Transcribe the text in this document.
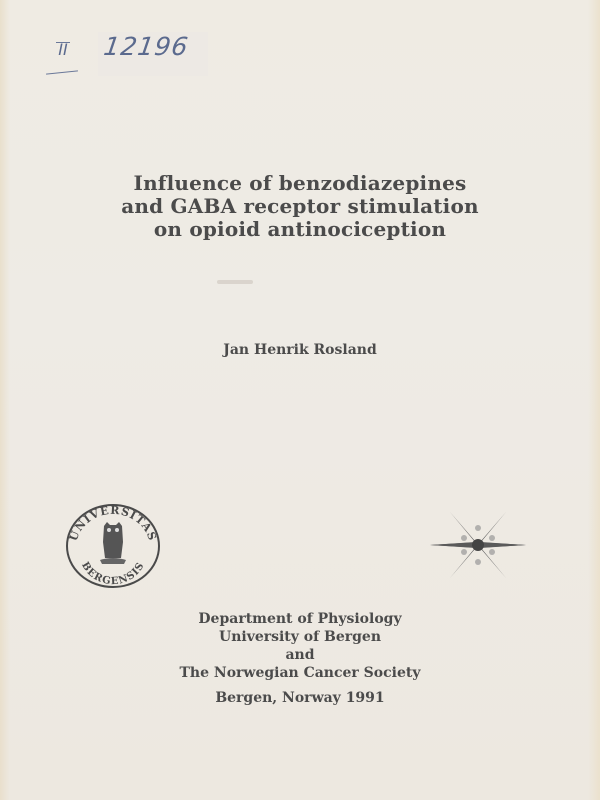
II 12196
Influence of benzodiazepines
and GABA receptor stimulation
on opioid antinociception
Jan Henrik Rosland
UNIVERSITAS
BERGENSIS
Department of Physiology
University of Bergen
and
The Norwegian Cancer Society
Bergen, Norway 1991
